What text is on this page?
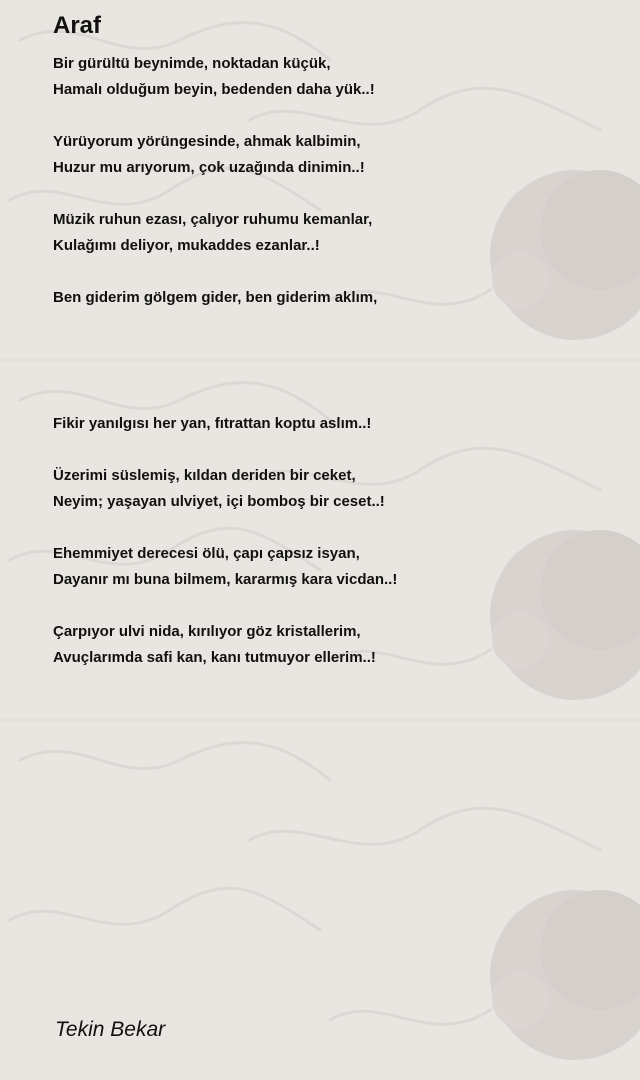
Araf
Bir gürültü beynimde, noktadan küçük,
Hamalı olduğum beyin, bedenden daha yük..!
Yürüyorum yörüngesinde, ahmak kalbimin,
Huzur mu arıyorum, çok uzağında dinimin..!
Müzik ruhun ezası, çalıyor ruhumu kemanlar,
Kulağımı deliyor, mukaddes ezanlar..!
Ben giderim gölgem gider, ben giderim aklım,
Fikir yanılgısı her yan, fıtrattan koptu aslım..!
Üzerimi süslemiş, kıldan deriden bir ceket,
Neyim; yaşayan ulviyet, içi bomboş bir ceset..!
Ehemmiyet derecesi ölü, çapı çapsız isyan,
Dayanır mı buna bilmem, kararmış kara vicdan..!
Çarpıyor ulvi nida, kırılıyor göz kristallerim,
Avuçlarımda safi kan, kanı tutmuyor ellerim..!
Tekin Bekar
